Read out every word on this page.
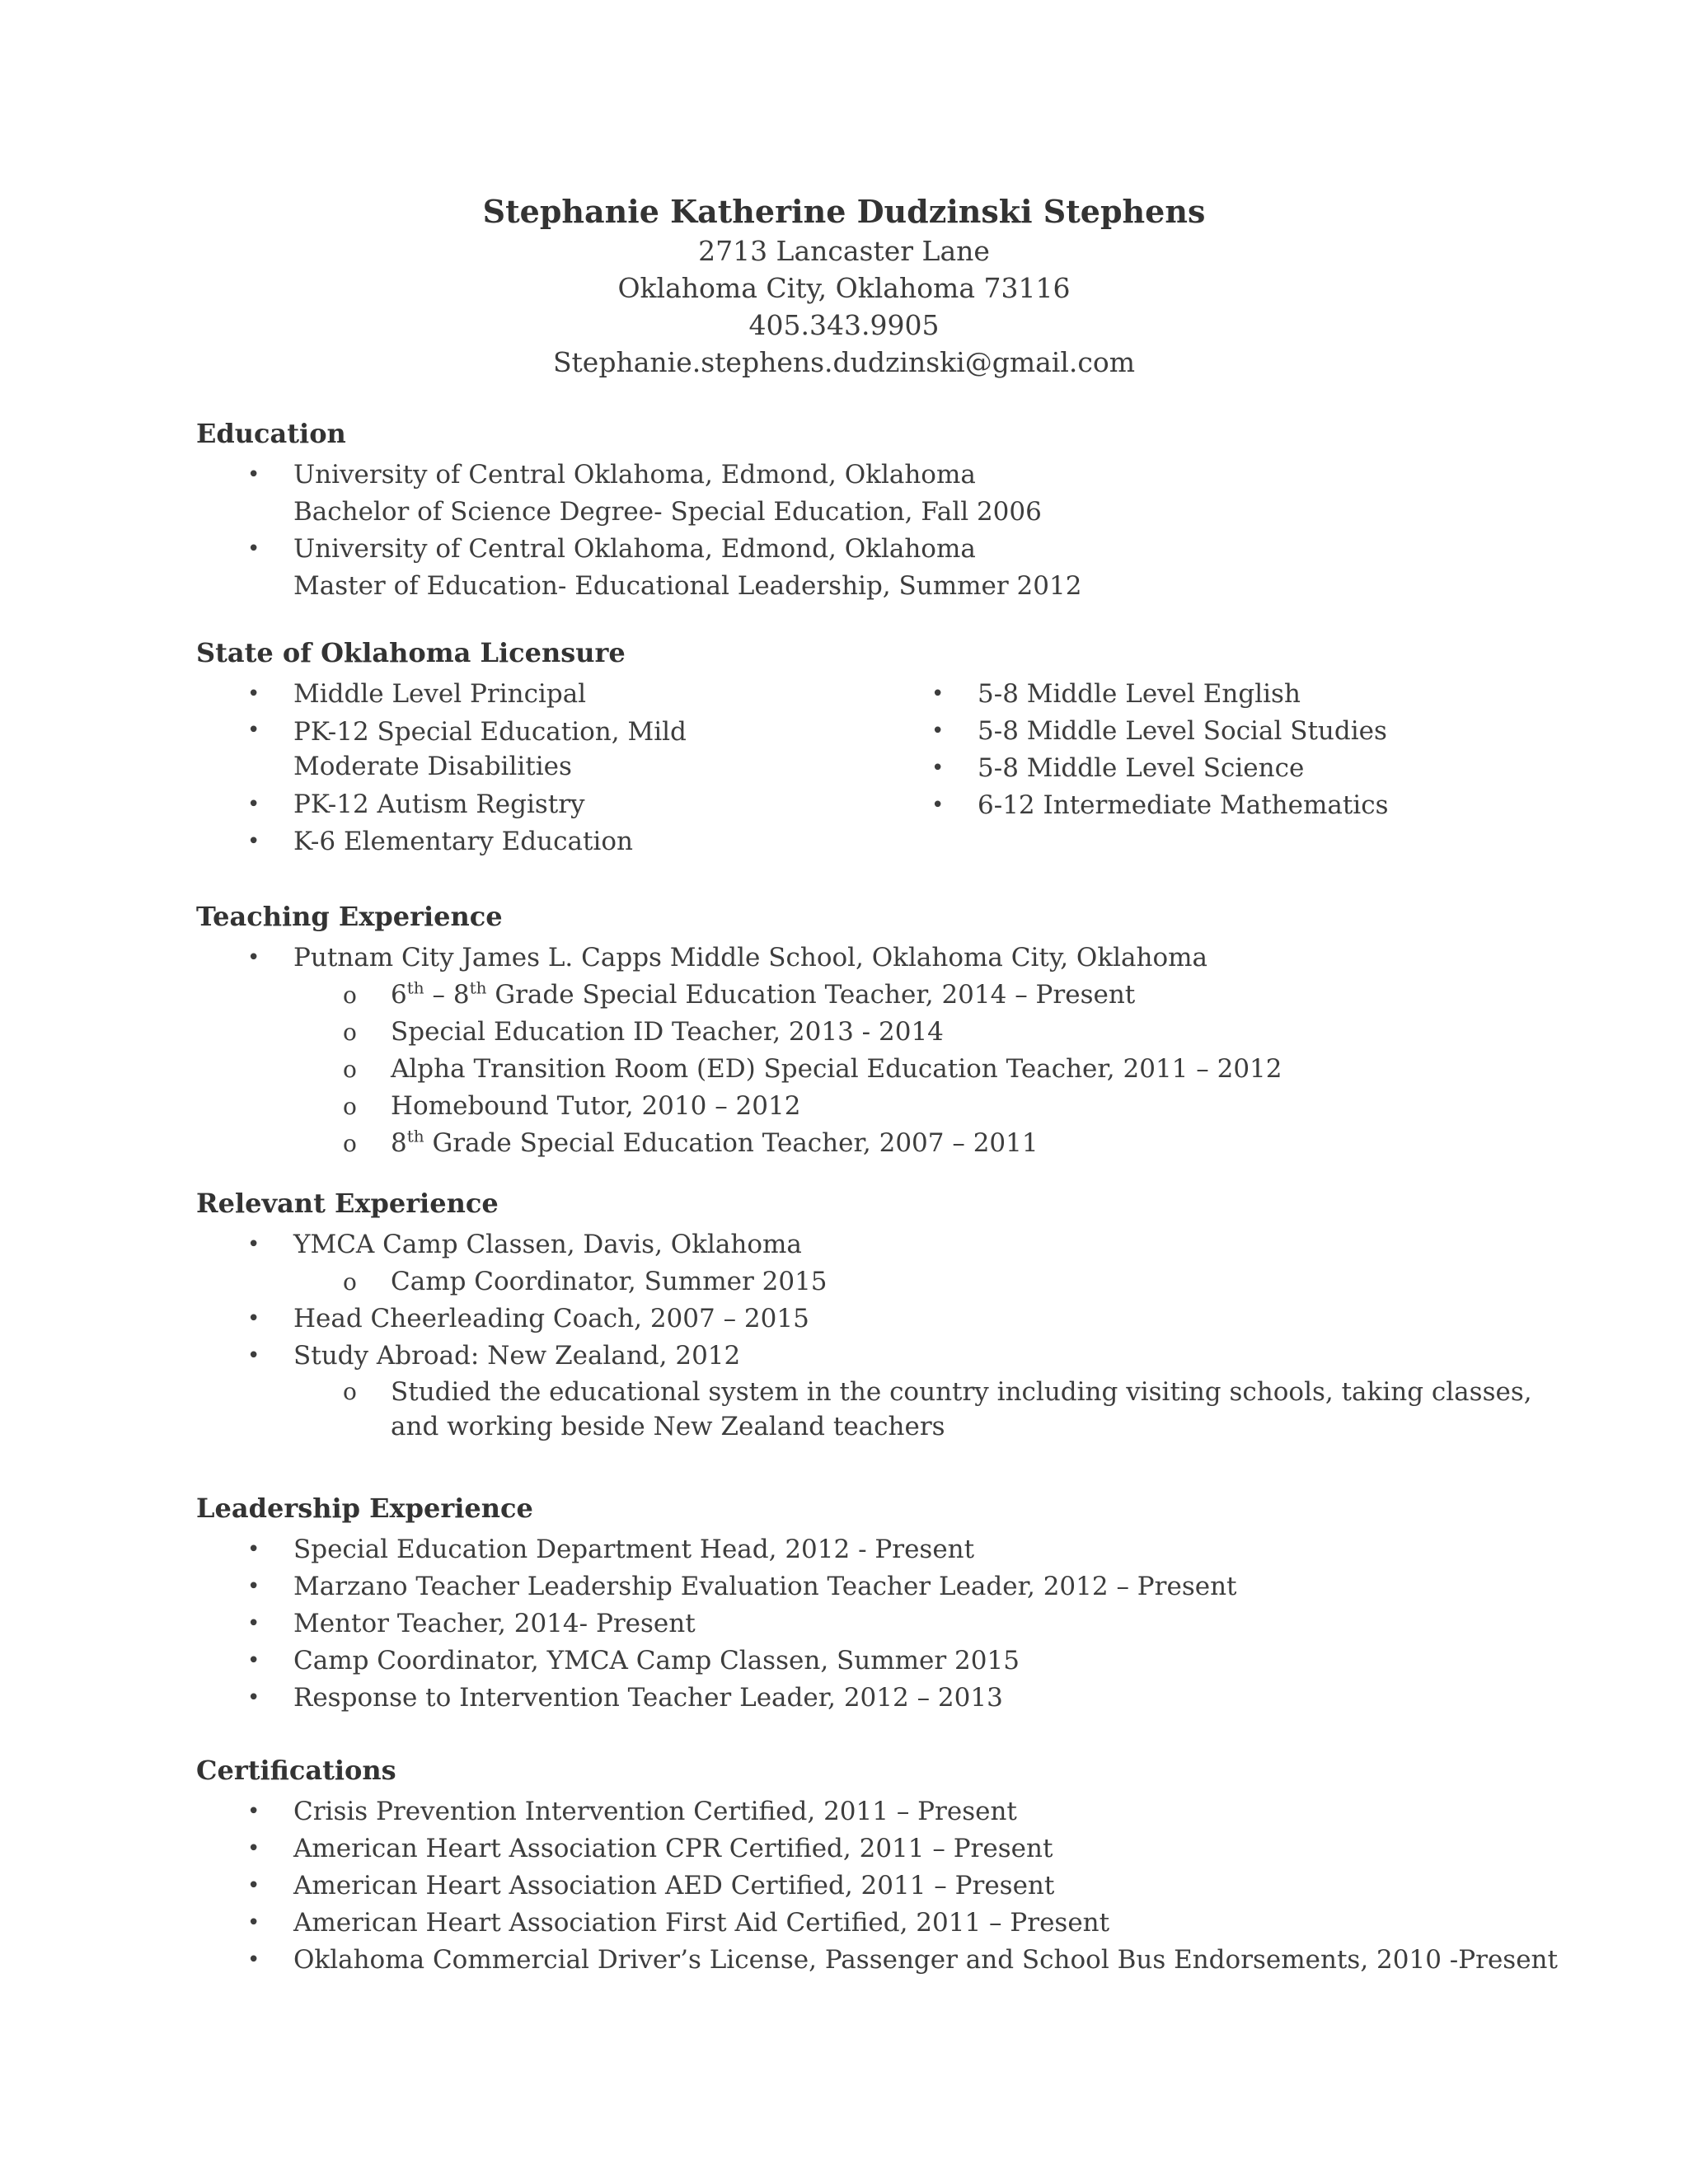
Stephanie Katherine Dudzinski Stephens
2713 Lancaster Lane
Oklahoma City, Oklahoma 73116
405.343.9905
Stephanie.stephens.dudzinski@gmail.com
Education
• University of Central Oklahoma, Edmond, Oklahoma
Bachelor of Science Degree- Special Education, Fall 2006
• University of Central Oklahoma, Edmond, Oklahoma
Master of Education- Educational Leadership, Summer 2012
State of Oklahoma Licensure
• Middle Level Principal
• PK-12 Special Education, Mild Moderate Disabilities
• PK-12 Autism Registry
• K-6 Elementary Education
• 5-8 Middle Level English
• 5-8 Middle Level Social Studies
• 5-8 Middle Level Science
• 6-12 Intermediate Mathematics
Teaching Experience
• Putnam City James L. Capps Middle School, Oklahoma City, Oklahoma
o 6th – 8th Grade Special Education Teacher, 2014 – Present
o Special Education ID Teacher, 2013 - 2014
o Alpha Transition Room (ED) Special Education Teacher, 2011 – 2012
o Homebound Tutor, 2010 – 2012
o 8th Grade Special Education Teacher, 2007 – 2011
Relevant Experience
• YMCA Camp Classen, Davis, Oklahoma
o Camp Coordinator, Summer 2015
• Head Cheerleading Coach, 2007 – 2015
• Study Abroad: New Zealand, 2012
o Studied the educational system in the country including visiting schools, taking classes,
and working beside New Zealand teachers
Leadership Experience
• Special Education Department Head, 2012 - Present
• Marzano Teacher Leadership Evaluation Teacher Leader, 2012 – Present
• Mentor Teacher, 2014- Present
• Camp Coordinator, YMCA Camp Classen, Summer 2015
• Response to Intervention Teacher Leader, 2012 – 2013
Certifications
• Crisis Prevention Intervention Certified, 2011 – Present
• American Heart Association CPR Certified, 2011 – Present
• American Heart Association AED Certified, 2011 – Present
• American Heart Association First Aid Certified, 2011 – Present
• Oklahoma Commercial Driver’s License, Passenger and School Bus Endorsements, 2010 -Present
